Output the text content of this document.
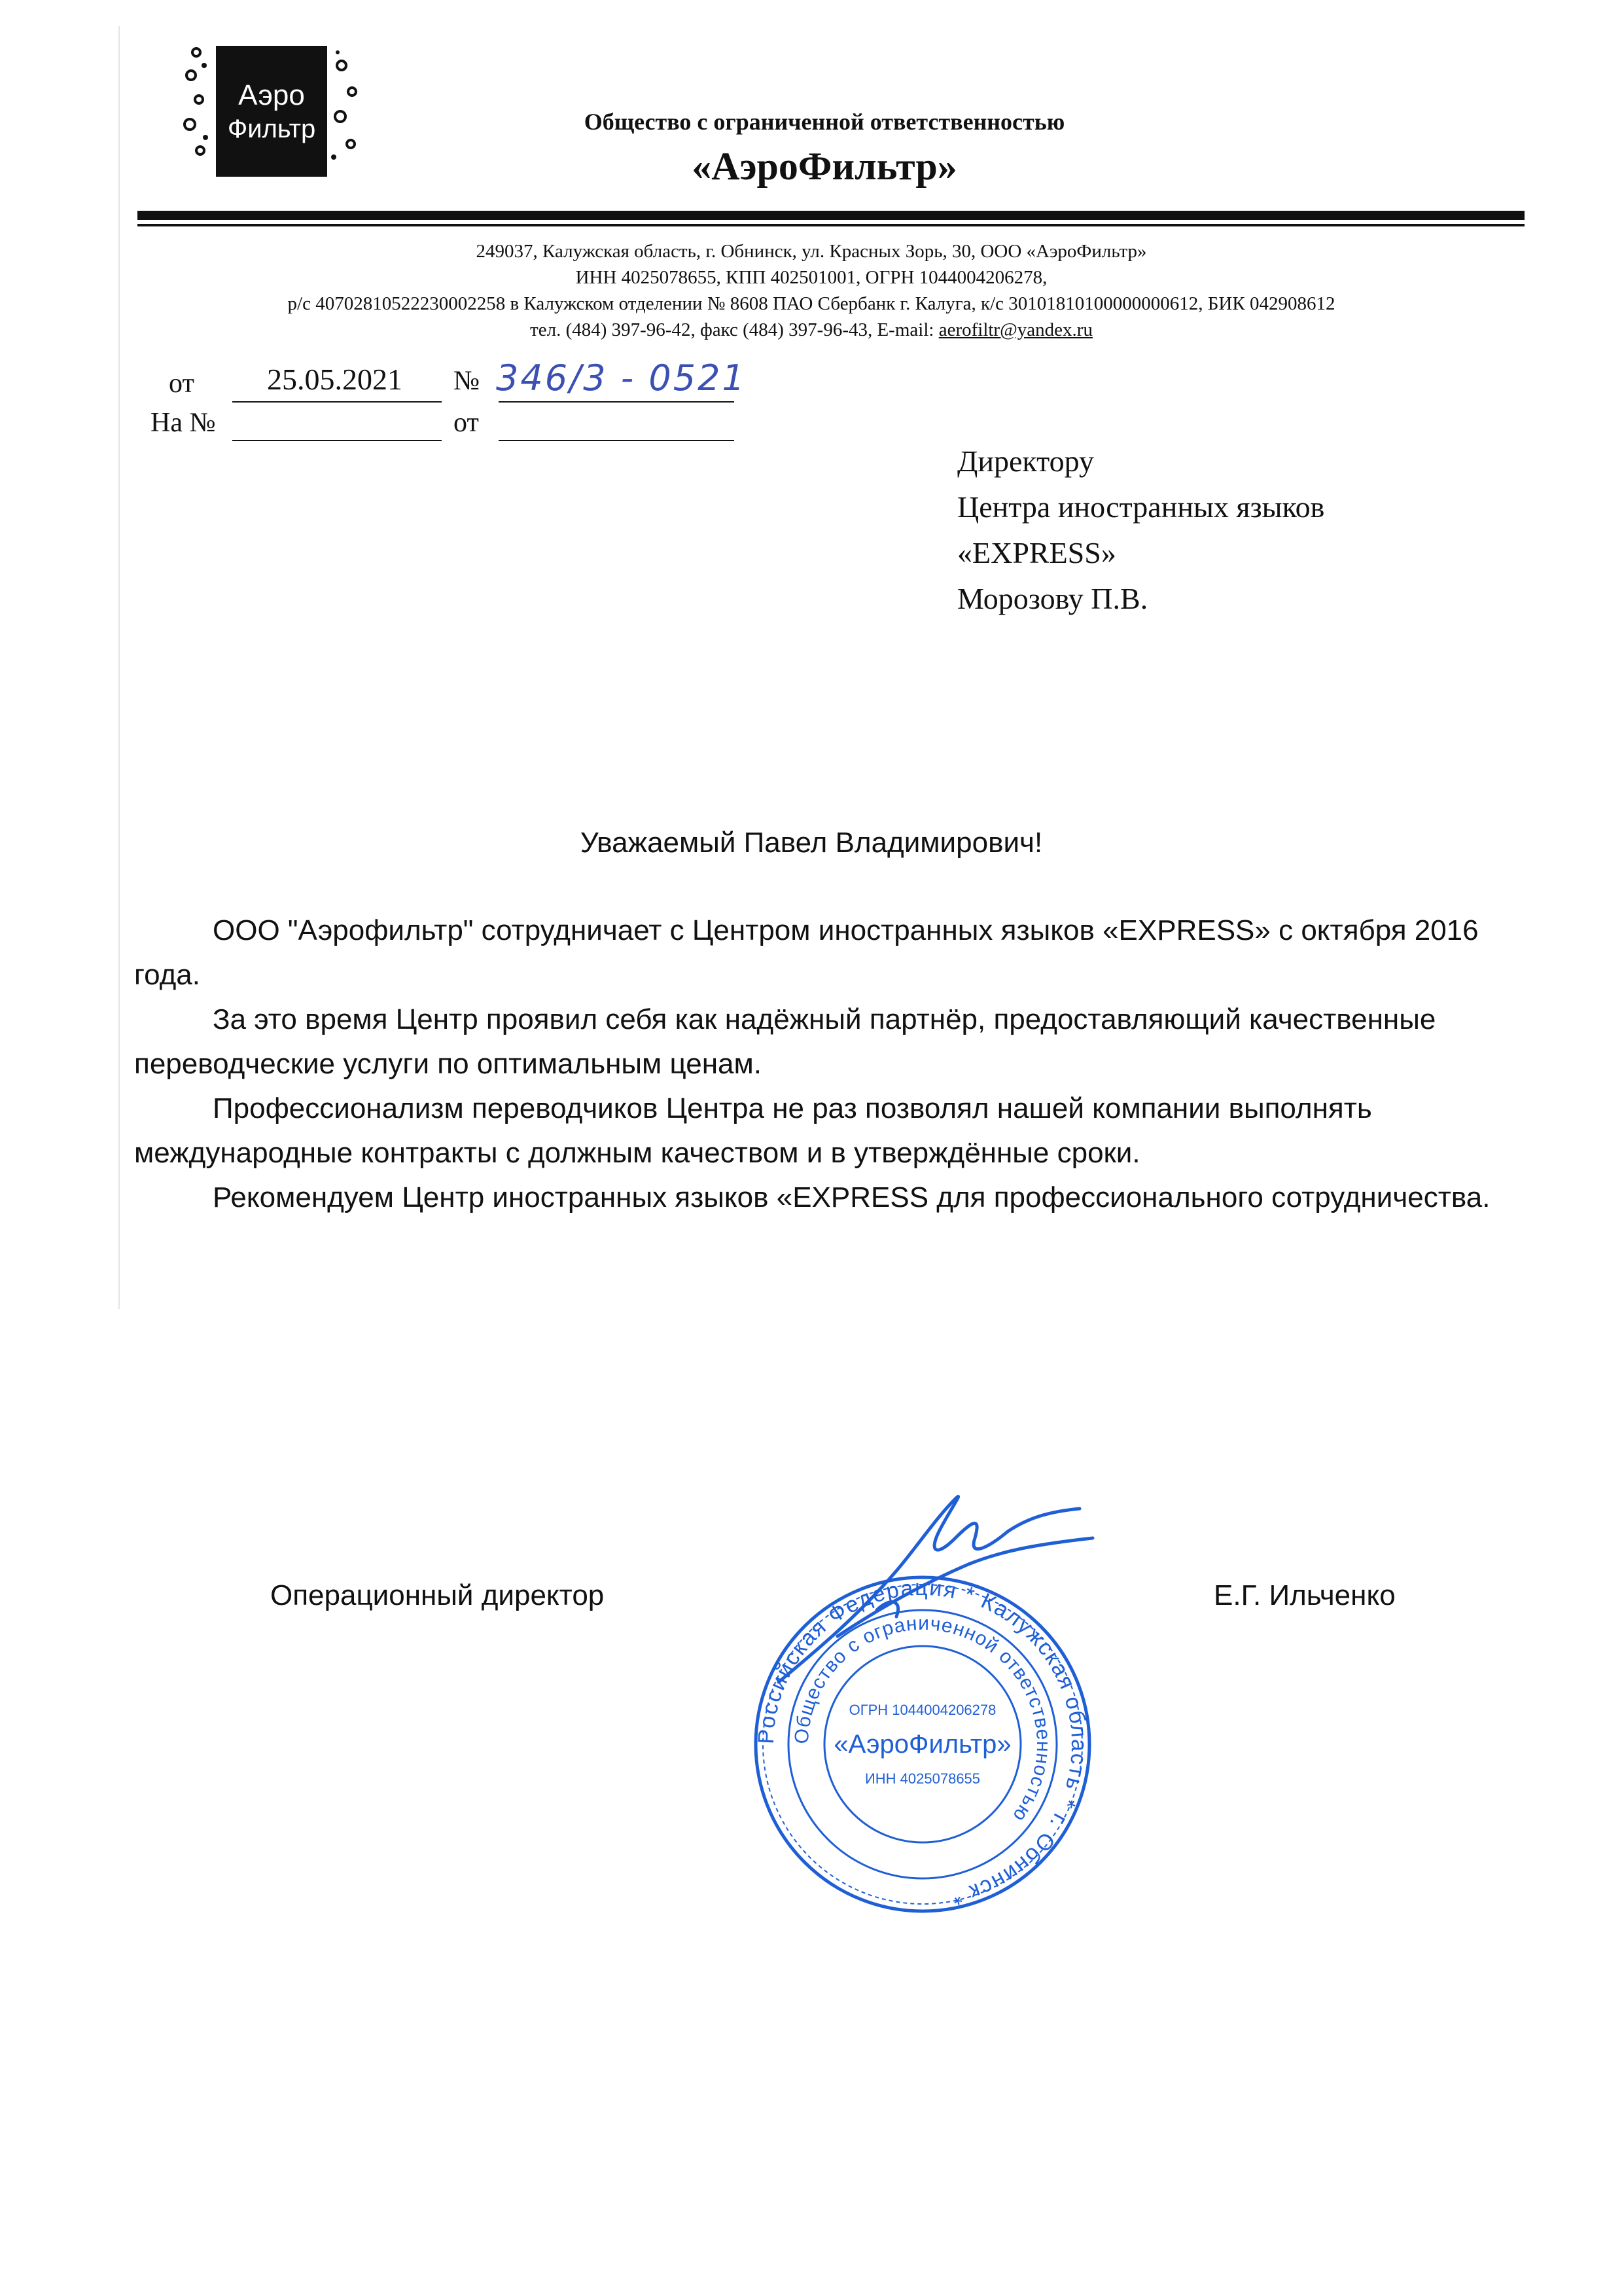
Аэро
Фильтр	Общество с ограниченной ответственностью
«АэроФильтр»
249037, Калужская область, г. Обнинск, ул. Красных Зорь, 30, ООО «АэроФильтр»
ИНН 4025078655, КПП 402501001, ОГРН 1044004206278,
р/с 40702810522230002258 в Калужском отделении № 8608 ПАО Сбербанк г. Калуга, к/с 30101810100000000612, БИК 042908612
тел. (484) 397-96-42, факс (484) 397-96-43, E-mail: aerofiltr@yandex.ru
от 25.05.2021 № 346/3 - 0521
На №	от
Директору
Центра иностранных языков
«EXPRESS»
Морозову П.В.
Уважаемый Павел Владимирович!

ООО "Аэрофильтр" сотрудничает с Центром иностранных языков «EXPRESS» с октября 2016 года.

За это время Центр проявил себя как надёжный партнёр, предоставляющий качественные переводческие услуги по оптимальным ценам.

Профессионализм переводчиков Центра не раз позволял нашей компании выполнять международные контракты с должным качеством и в утверждённые сроки.

Рекомендуем Центр иностранных языков «EXPRESS для профессионального сотрудничества.

Операционный директор	Е.Г. Ильченко
Российская Федерация * Калужская область * г. Обнинск *
Общество с ограниченной ответственностью
ОГРН 1044004206278
«АэроФильтр»
ИНН 4025078655
